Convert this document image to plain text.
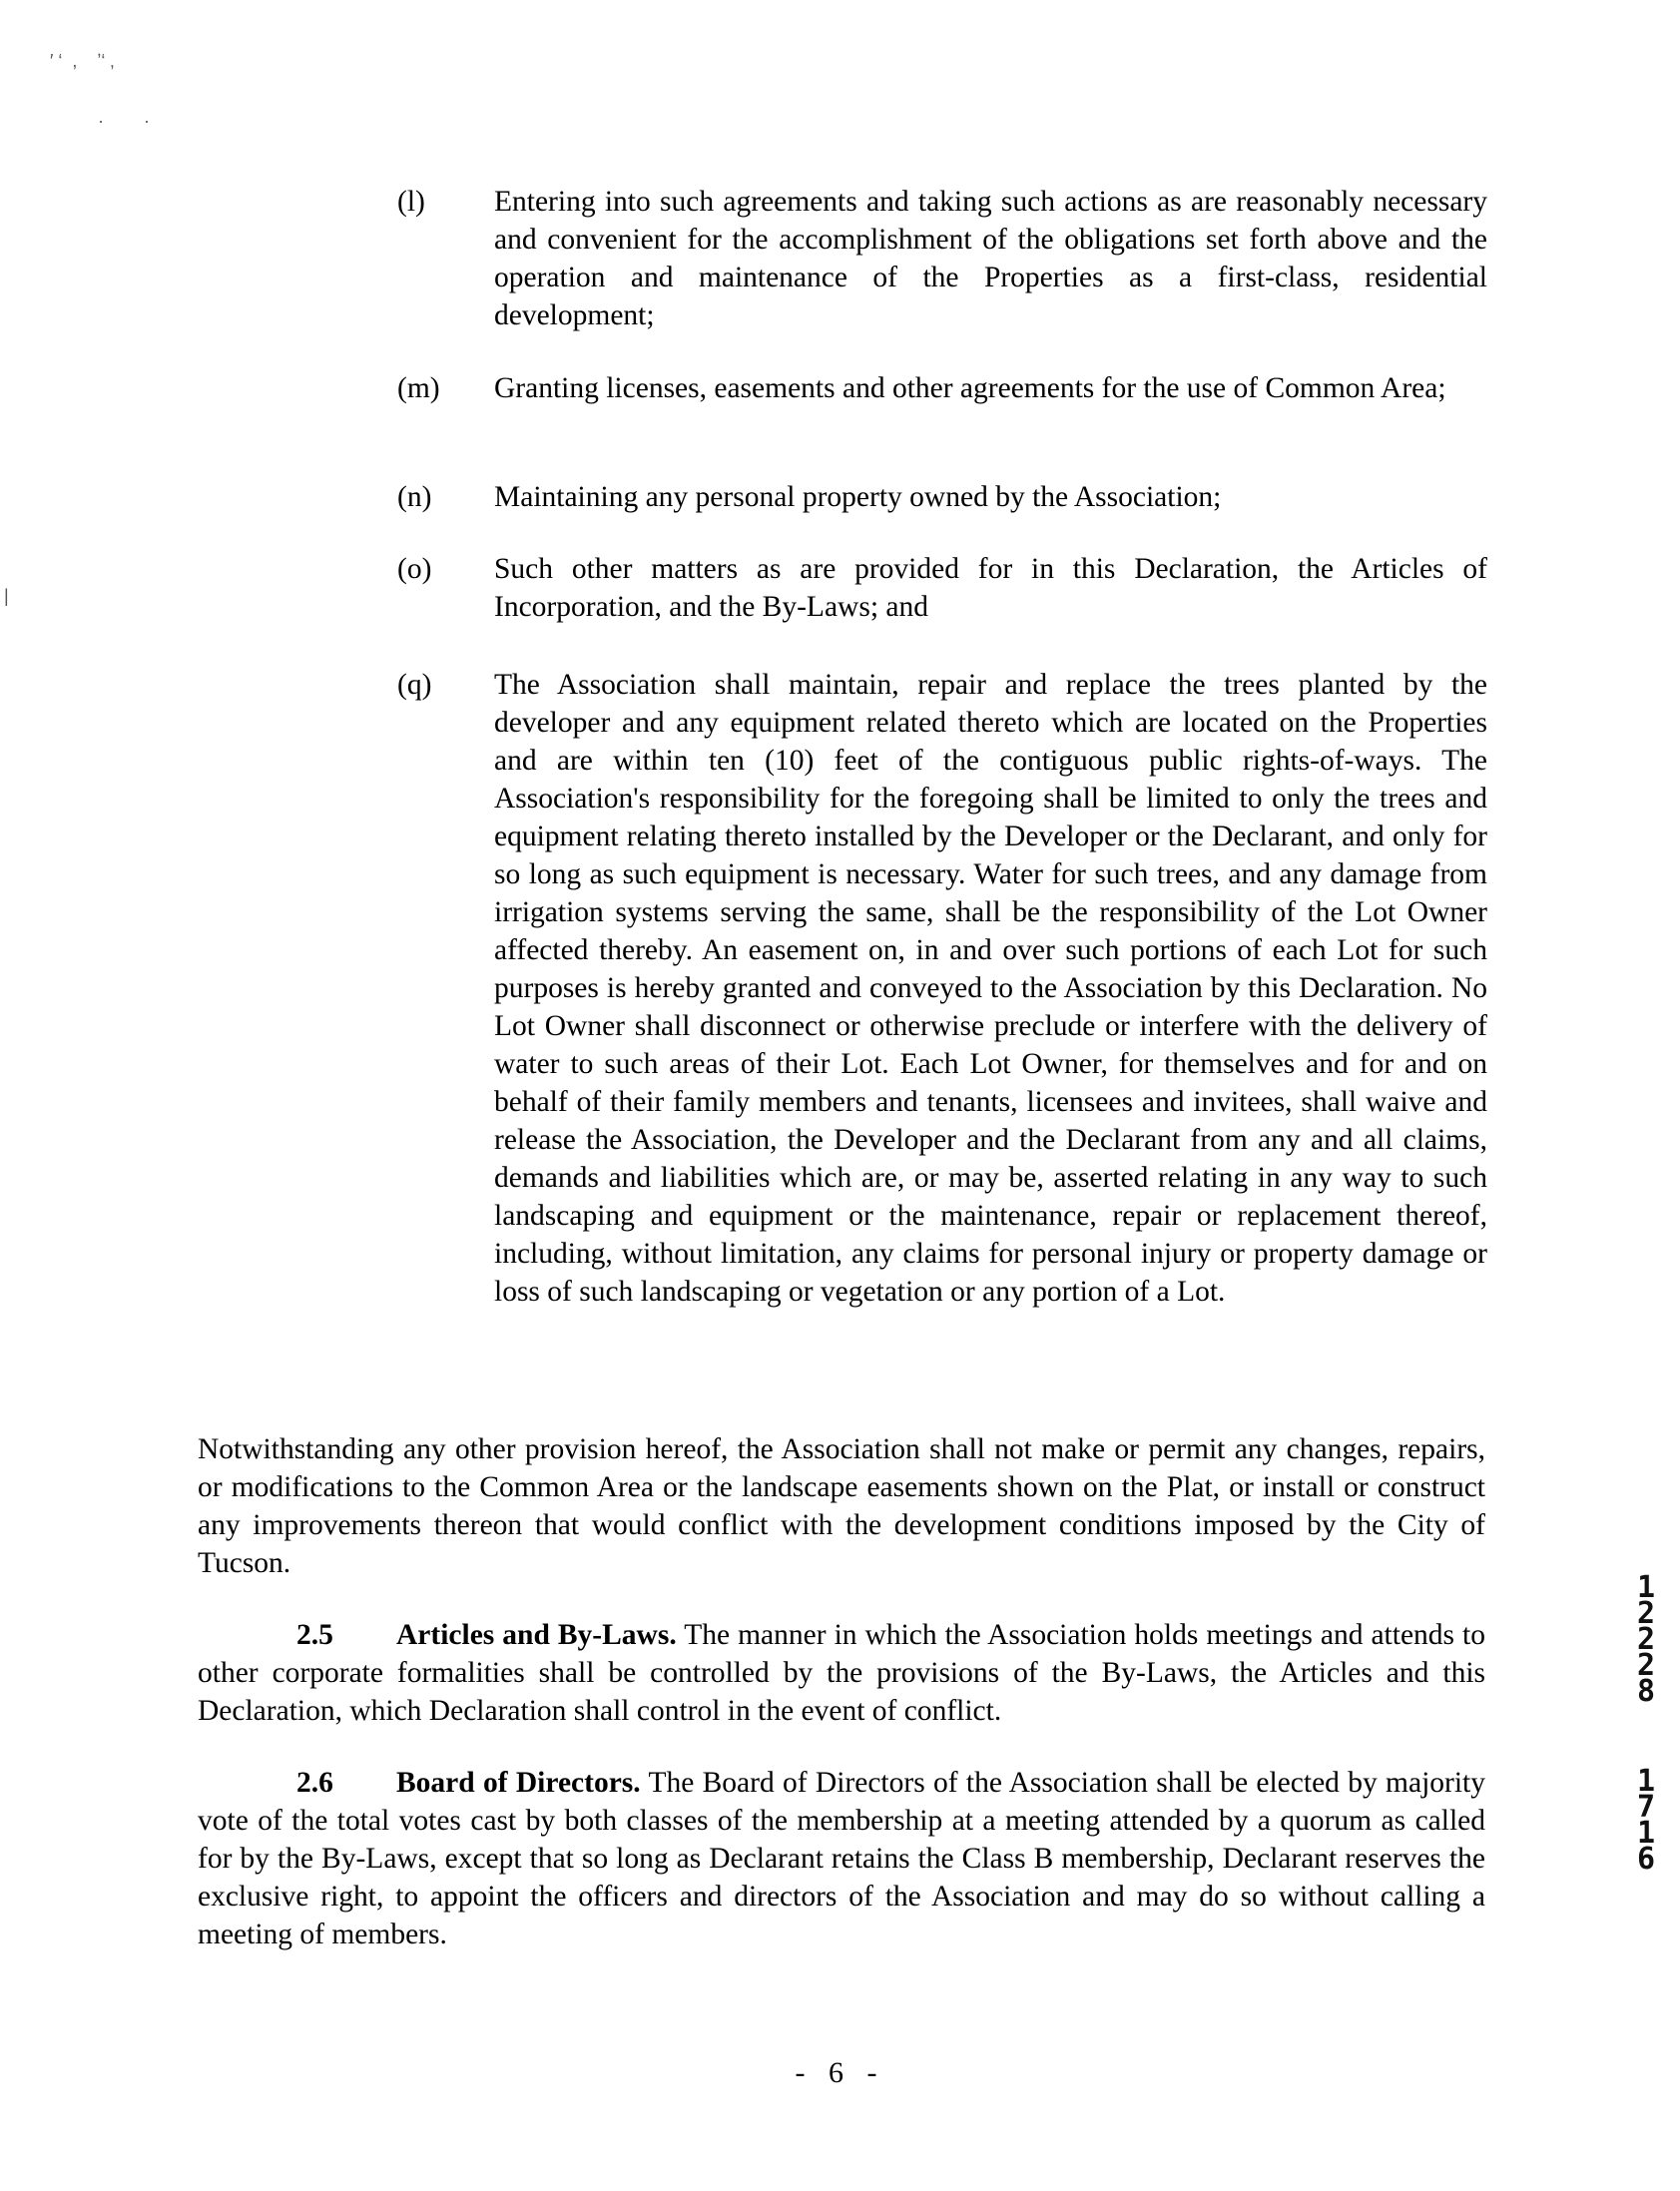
′ ‘  ,    ʼ‘ ‚
·        ·
|
(l)	Entering into such agreements and taking such actions as are reasonably necessary and convenient for the accomplishment of the obligations set forth above and the operation and maintenance of the Properties as a first-class, residential development;
(m)	Granting licenses, easements and other agreements for the use of Common Area;
(n)	Maintaining any personal property owned by the Association;
(o)	Such other matters as are provided for in this Declaration, the Articles of Incorporation, and the By-Laws; and
(q)	The Association shall maintain, repair and replace the trees planted by the developer and any equipment related thereto which are located on the Properties and are within ten (10) feet of the contiguous public rights-of-ways. The Association's responsibility for the foregoing shall be limited to only the trees and equipment relating thereto installed by the Developer or the Declarant, and only for so long as such equipment is necessary. Water for such trees, and any damage from irrigation systems serving the same, shall be the responsibility of the Lot Owner affected thereby. An easement on, in and over such portions of each Lot for such purposes is hereby granted and conveyed to the Association by this Declaration. No Lot Owner shall disconnect or otherwise preclude or interfere with the delivery of water to such areas of their Lot. Each Lot Owner, for themselves and for and on behalf of their family members and tenants, licensees and invitees, shall waive and release the Association, the Developer and the Declarant from any and all claims, demands and liabilities which are, or may be, asserted relating in any way to such landscaping and equipment or the maintenance, repair or replacement thereof, including, without limitation, any claims for personal injury or property damage or loss of such landscaping or vegetation or any portion of a Lot.

Notwithstanding any other provision hereof, the Association shall not make or permit any changes, repairs, or modifications to the Common Area or the landscape easements shown on the Plat, or install or construct any improvements thereon that would conflict with the development conditions imposed by the City of Tucson.

2.5 Articles and By-Laws. The manner in which the Association holds meetings and attends to other corporate formalities shall be controlled by the provisions of the By-Laws, the Articles and this Declaration, which Declaration shall control in the event of conflict.

2.6 Board of Directors. The Board of Directors of the Association shall be elected by majority vote of the total votes cast by both classes of the membership at a meeting attended by a quorum as called for by the By-Laws, except that so long as Declarant retains the Class B membership, Declarant reserves the exclusive right, to appoint the officers and directors of the Association and may do so without calling a meeting of members.

1
2
2
2
8
1
7
1
6
- 6 -
